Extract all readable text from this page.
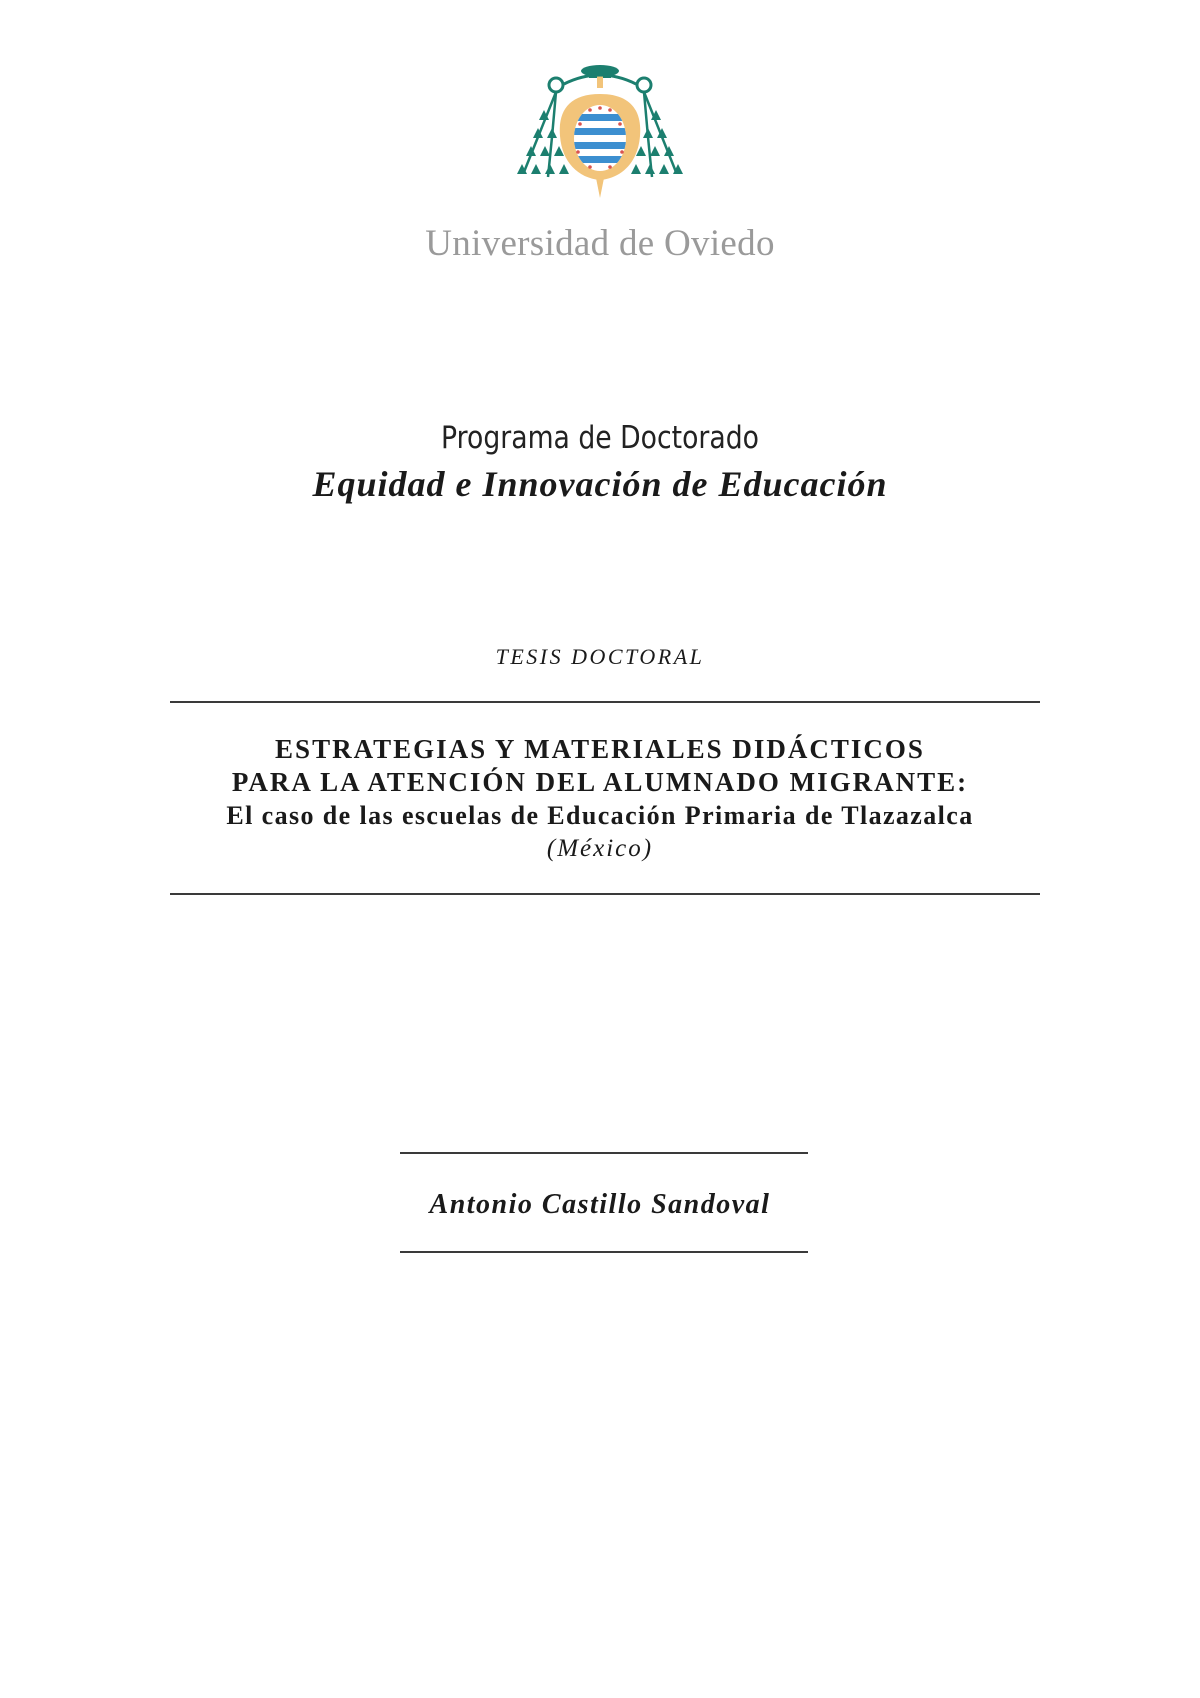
Universidad de Oviedo
Programa de Doctorado
Equidad e Innovación de Educación
TESIS DOCTORAL
ESTRATEGIAS Y MATERIALES DIDÁCTICOS
PARA LA ATENCIÓN DEL ALUMNADO MIGRANTE:
El caso de las escuelas de Educación Primaria de Tlazazalca
(México)
Antonio Castillo Sandoval
